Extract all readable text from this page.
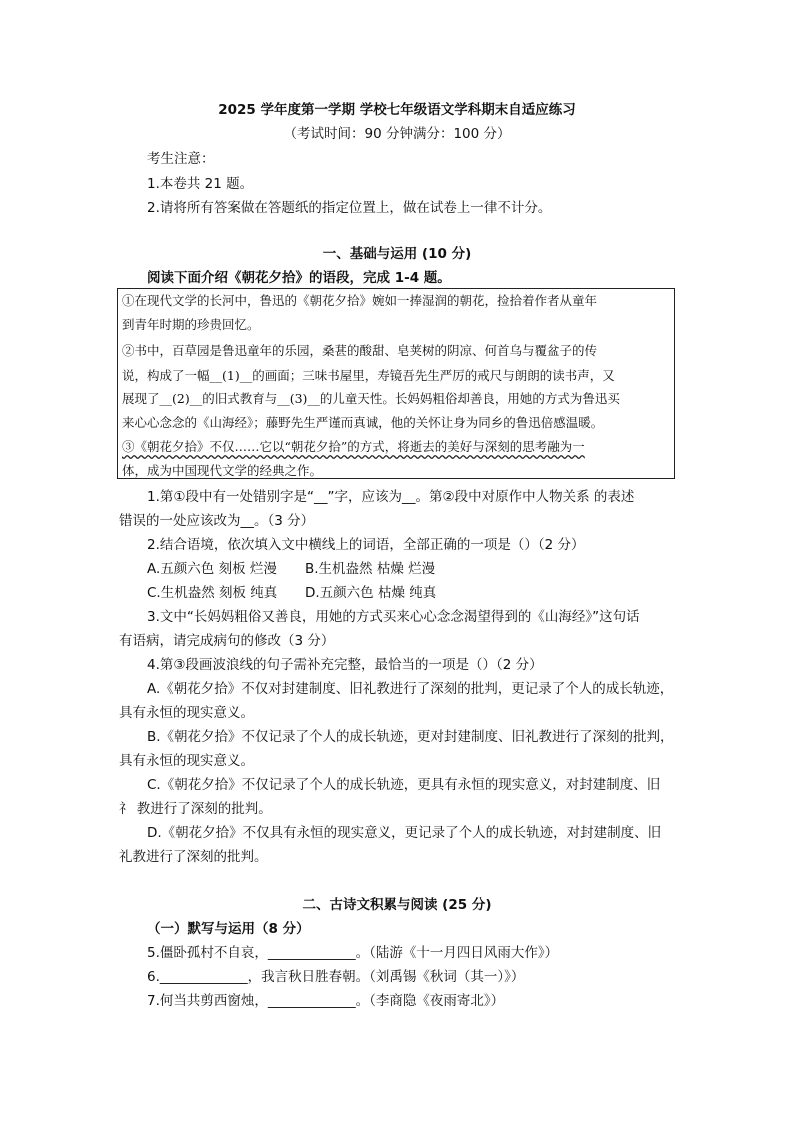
2025 学年度第一学期 学校七年级语文学科期末自适应练习
（考试时间：90 分钟满分：100 分）
考生注意：
1.本卷共 21 题。
2.请将所有答案做在答题纸的指定位置上，做在试卷上一律不计分。
一、基础与运用 (10 分)
阅读下面介绍《朝花夕拾》的语段，完成 1-4 题。
①在现代文学的长河中，鲁迅的《朝花夕拾》婉如一捧湿润的朝花，捡拾着作者从童年
到青年时期的珍贵回忆。
②书中，百草园是鲁迅童年的乐园，桑葚的酸甜、皂荚树的阴凉、何首乌与覆盆子的传
说，构成了一幅__(1)__的画面；三味书屋里，寿镜吾先生严厉的戒尺与朗朗的读书声，又
展现了__(2)__的旧式教育与__(3)__的儿童天性。长妈妈粗俗却善良，用她的方式为鲁迅买
来心心念念的《山海经》；藤野先生严谨而真诚，他的关怀让身为同乡的鲁迅倍感温暖。
③《朝花夕拾》不仅……它以“朝花夕拾”的方式，将逝去的美好与深刻的思考融为一
体，成为中国现代文学的经典之作。
1.第①段中有一处错别字是“__”字，应该为__。第②段中对原作中人物关系 的表述
错误的一处应该改为__。（3 分）
2.结合语境，依次填入文中横线上的词语，全部正确的一项是（）（2 分）
A.五颜六色 刻板 烂漫 B.生机盎然 枯燥 烂漫
C.生机盎然 刻板 纯真 D.五颜六色 枯燥 纯真
3.文中“长妈妈粗俗又善良，用她的方式买来心心念念渴望得到的《山海经》”这句话
有语病，请完成病句的修改（3 分）
4.第③段画波浪线的句子需补充完整，最恰当的一项是（）（2 分）
A.《朝花夕拾》不仅对封建制度、旧礼教进行了深刻的批判，更记录了个人的成长轨迹，
具有永恒的现实意义。
B.《朝花夕拾》不仅记录了个人的成长轨迹，更对封建制度、旧礼教进行了深刻的批判，
具有永恒的现实意义。
C.《朝花夕拾》不仅记录了个人的成长轨迹，更具有永恒的现实意义，对封建制度、旧
礻 教进行了深刻的批判。
D.《朝花夕拾》不仅具有永恒的现实意义，更记录了个人的成长轨迹，对封建制度、旧
礼教进行了深刻的批判。
二、古诗文积累与阅读 (25 分)
（一）默写与运用（8 分）
5.僵卧孤村不自哀，_____________。（陆游《十一月四日风雨大作》）
6._____________，我言秋日胜春朝。（刘禹锡《秋词（其一）》）
7.何当共剪西窗烛，_____________。（李商隐《夜雨寄北》）
